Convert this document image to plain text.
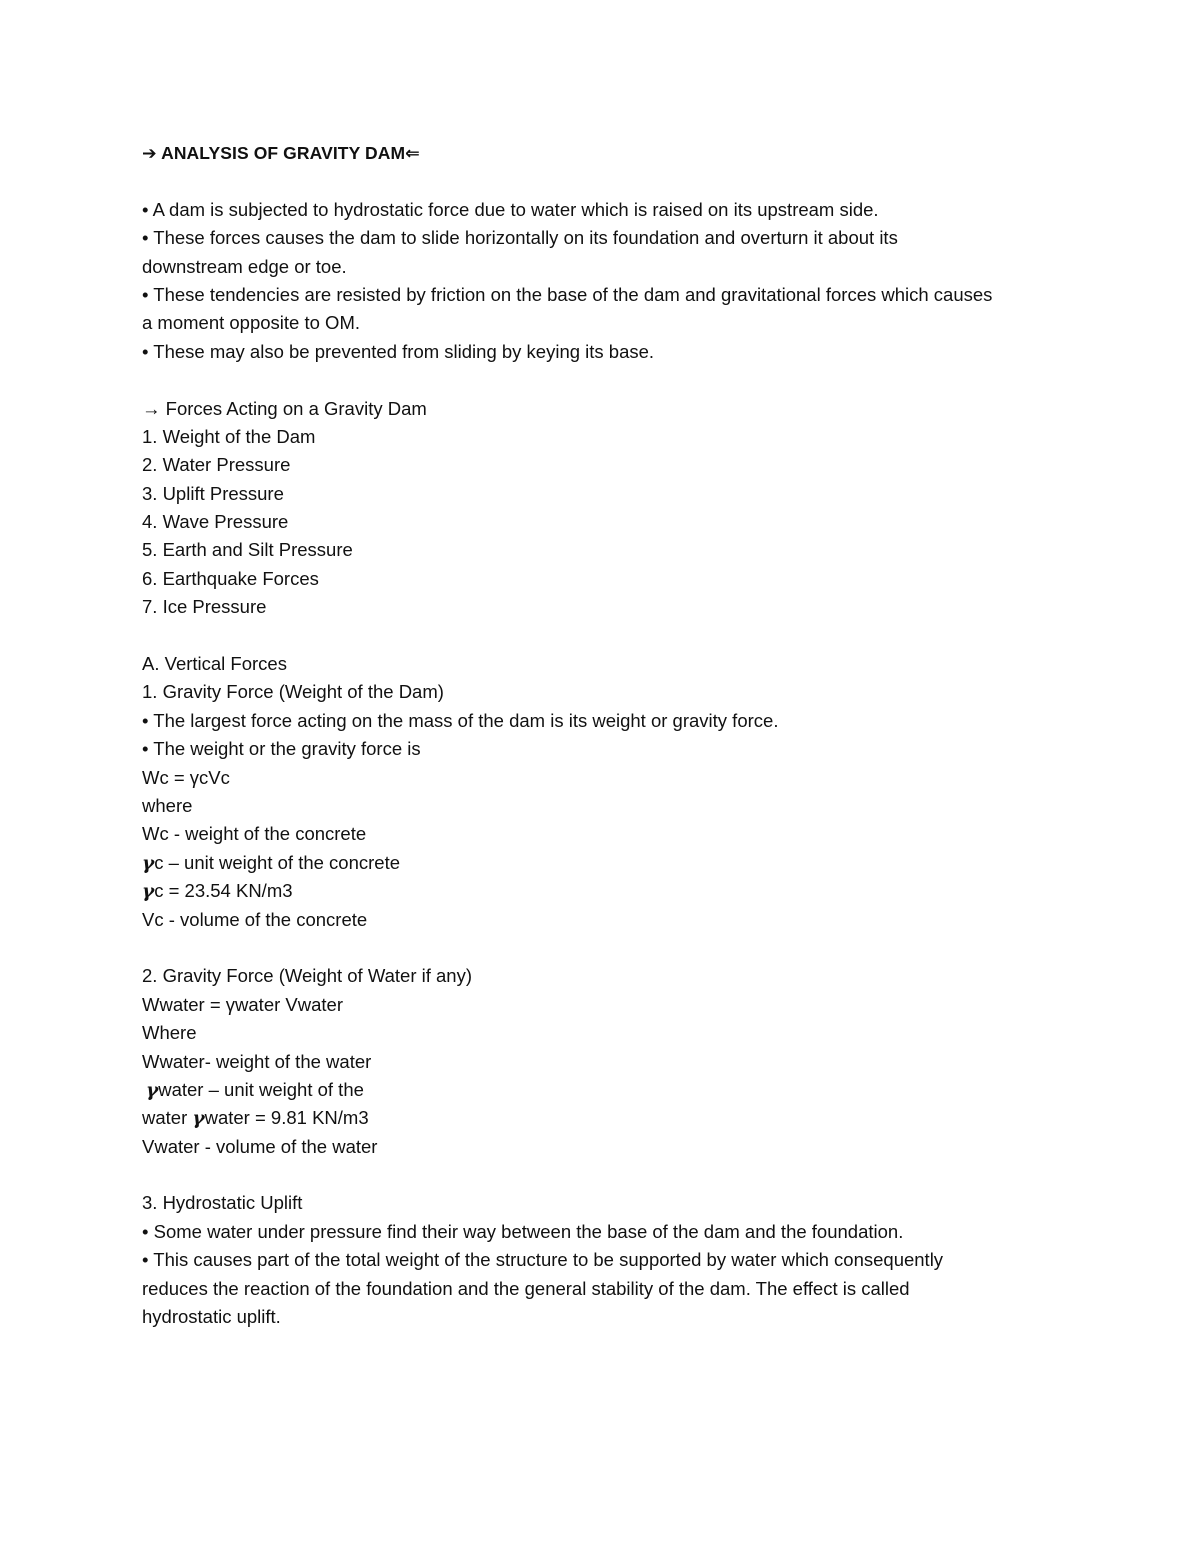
➔ ANALYSIS OF GRAVITY DAM⇐
• A dam is subjected to hydrostatic force due to water which is raised on its upstream side.
• These forces causes the dam to slide horizontally on its foundation and overturn it about its
downstream edge or toe.
• These tendencies are resisted by friction on the base of the dam and gravitational forces which causes
a moment opposite to OM.
• These may also be prevented from sliding by keying its base.
→ Forces Acting on a Gravity Dam
1. Weight of the Dam
2. Water Pressure
3. Uplift Pressure
4. Wave Pressure
5. Earth and Silt Pressure
6. Earthquake Forces
7. Ice Pressure
A. Vertical Forces
1. Gravity Force (Weight of the Dam)
• The largest force acting on the mass of the dam is its weight or gravity force.
• The weight or the gravity force is
Wc = γcVc
where
Wc - weight of the concrete
γc – unit weight of the concrete
γc = 23.54 KN/m3
Vc - volume of the concrete
2. Gravity Force (Weight of Water if any)
Wwater = γwater Vwater
Where
Wwater- weight of the water
γwater – unit weight of the
water γwater = 9.81 KN/m3
Vwater - volume of the water
3. Hydrostatic Uplift
• Some water under pressure find their way between the base of the dam and the foundation.
• This causes part of the total weight of the structure to be supported by water which consequently
reduces the reaction of the foundation and the general stability of the dam. The effect is called
hydrostatic uplift.
